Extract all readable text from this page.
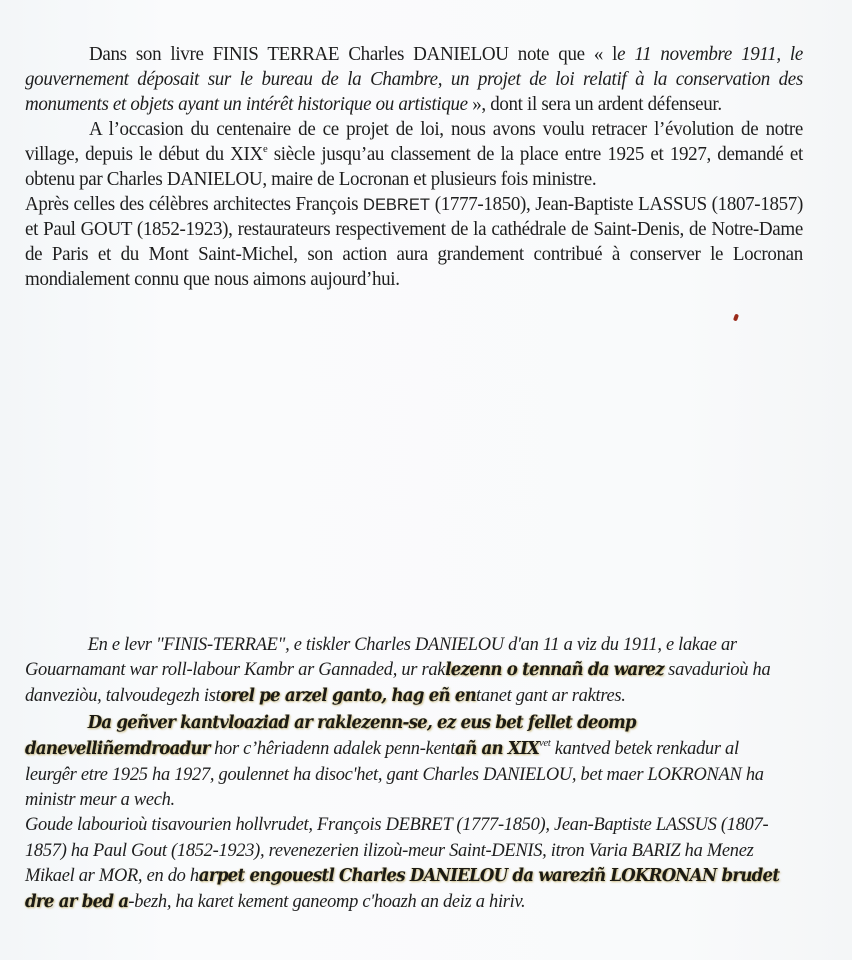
Dans son livre FINIS TERRAE Charles DANIELOU note que « le 11 novembre 1911, le gouvernement déposait sur le bureau de la Chambre, un projet de loi relatif à la conservation des monuments et objets ayant un intérêt historique ou artistique », dont il sera un ardent défenseur.

A l’occasion du centenaire de ce projet de loi, nous avons voulu retracer l’évolution de notre village, depuis le début du XIXe siècle jusqu’au classement de la place entre 1925 et 1927, demandé et obtenu par Charles DANIELOU, maire de Locronan et plusieurs fois ministre.

Après celles des célèbres architectes François DEBRET (1777-1850), Jean-Baptiste LASSUS (1807-1857) et Paul GOUT (1852-1923), restaurateurs respectivement de la cathédrale de Saint-Denis, de Notre-Dame de Paris et du Mont Saint-Michel, son action aura grandement contribué à conserver le Locronan mondialement connu que nous aimons aujourd’hui.

En e levr "FINIS-TERRAE", e tiskler Charles DANIELOU d'an 11 a viz du 1911, e lakae ar Gouarnamant war roll-labour Kambr ar Gannaded, ur raklezenn o tennañ da warez savadurioù ha danveziòu, talvoudegezh istorel pe arzel ganto, hag eñ entanet gant ar raktres.

Da geñver kantvloaziad ar raklezenn-se, ez eus bet fellet deomp danevelliñemdroadur hor c’hêriadenn adalek penn-kentañ an $XIX^{vet}$ kantved betek renkadur al leurgêr etre 1925 ha 1927, goulennet ha disoc'het, gant Charles DANIELOU, bet maer LOKRONAN ha ministr meur a wech.

Goude labourioù tisavourien hollvrudet, François DEBRET (1777-1850), Jean-Baptiste LASSUS (1807-1857) ha Paul Gout (1852-1923), revenezerien ilizoù-meur Saint-DENIS, itron Varia BARIZ ha Menez Mikael ar MOR, en do harpet engouestl Charles DANIELOU da wareziñ LOKRONAN brudet dre ar bed a-bezh, ha karet kement ganeomp c'hoazh an deiz a hiriv.
